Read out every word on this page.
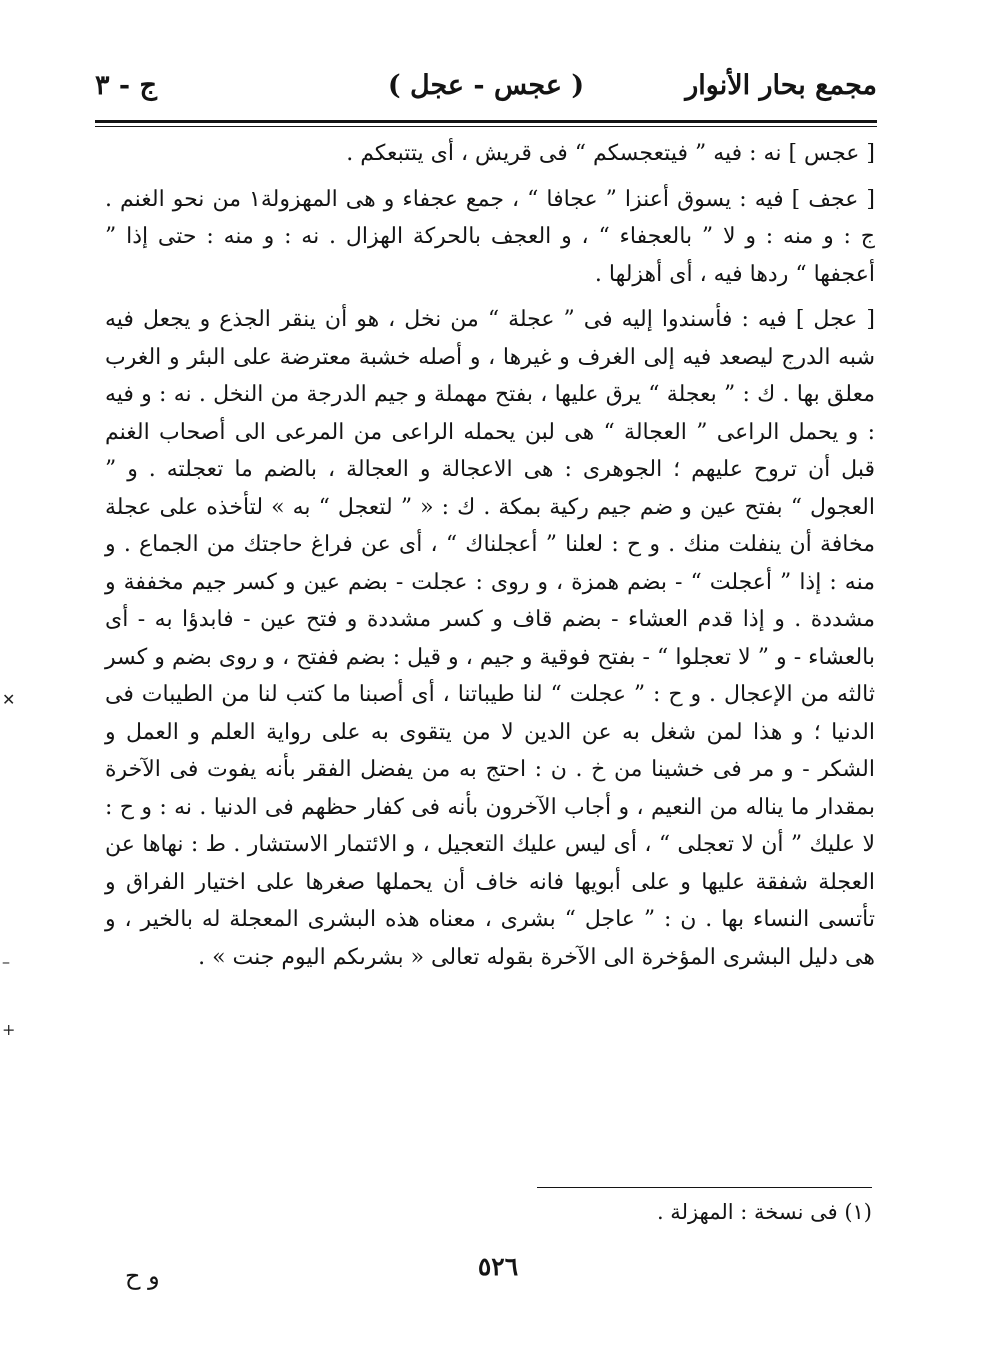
مجمع بحار الأنوار
( عجس - عجل )
ج - ٣

[ عجس ] نه : فيه ” فيتعجسكم “ فى قريش ، أى يتتبعكم .

[ عجف ] فيه : يسوق أعنزا ” عجافا “ ، جمع عجفاء و هى المهزولة١ من نحو الغنم . ج : و منه : و لا ” بالعجفاء “ ، و العجف بالحركة الهزال . نه : و منه : حتى إذا ” أعجفها “ ردها فيه ، أى أهزلها .

[ عجل ] فيه : فأسندوا إليه فى ” عجلة “ من نخل ، هو أن ينقر الجذع و يجعل فيه شبه الدرج ليصعد فيه إلى الغرف و غيرها ، و أصله خشبة معترضة على البئر و الغرب معلق بها . ك : ” بعجلة “ يرق عليها ، بفتح مهملة و جيم الدرجة من النخل . نه : و فيه : و يحمل الراعى ” العجالة “ هى لبن يحمله الراعى من المرعى الى أصحاب الغنم قبل أن تروح عليهم ؛ الجوهرى : هى الاعجالة و العجالة ، بالضم ما تعجلته . و ” العجول “ بفتح عين و ضم جيم ركية بمكة . ك : « ” لتعجل “ به » لتأخذه على عجلة مخافة أن ينفلت منك . و ح : لعلنا ” أعجلناك “ ، أى عن فراغ حاجتك من الجماع . و منه : إذا ” أعجلت “ - بضم همزة ، و روى : عجلت - بضم عين و كسر جيم مخففة و مشددة . و إذا قدم العشاء - بضم قاف و كسر مشددة و فتح عين - فابدؤا به - أى بالعشاء - و ” لا تعجلوا “ - بفتح فوقية و جيم ، و قيل : بضم ففتح ، و روى بضم و كسر ثالثه من الإعجال . و ح : ” عجلت “ لنا طيباتنا ، أى أصبنا ما كتب لنا من الطيبات فى الدنيا ؛ و هذا لمن شغل به عن الدين لا من يتقوى به على رواية العلم و العمل و الشكر - و مر فى خشينا من خ . ن : احتج به من يفضل الفقر بأنه يفوت فى الآخرة بمقدار ما يناله من النعيم ، و أجاب الآخرون بأنه فى كفار حظهم فى الدنيا . نه : و ح : لا عليك ” أن لا تعجلى “ ، أى ليس عليك التعجيل ، و الائتمار الاستشار . ط : نهاها عن العجلة شفقة عليها و على أبويها فانه خاف أن يحملها صغرها على اختيار الفراق و تأتسى النساء بها . ن : ” عاجل “ بشرى ، معناه هذه البشرى المعجلة له بالخير ، و هى دليل البشرى المؤخرة الى الآخرة بقوله تعالى « بشرىكم اليوم جنت » .

(١) فى نسخة : المهزلة .
٥٢٦
و ح
✕
–
+
